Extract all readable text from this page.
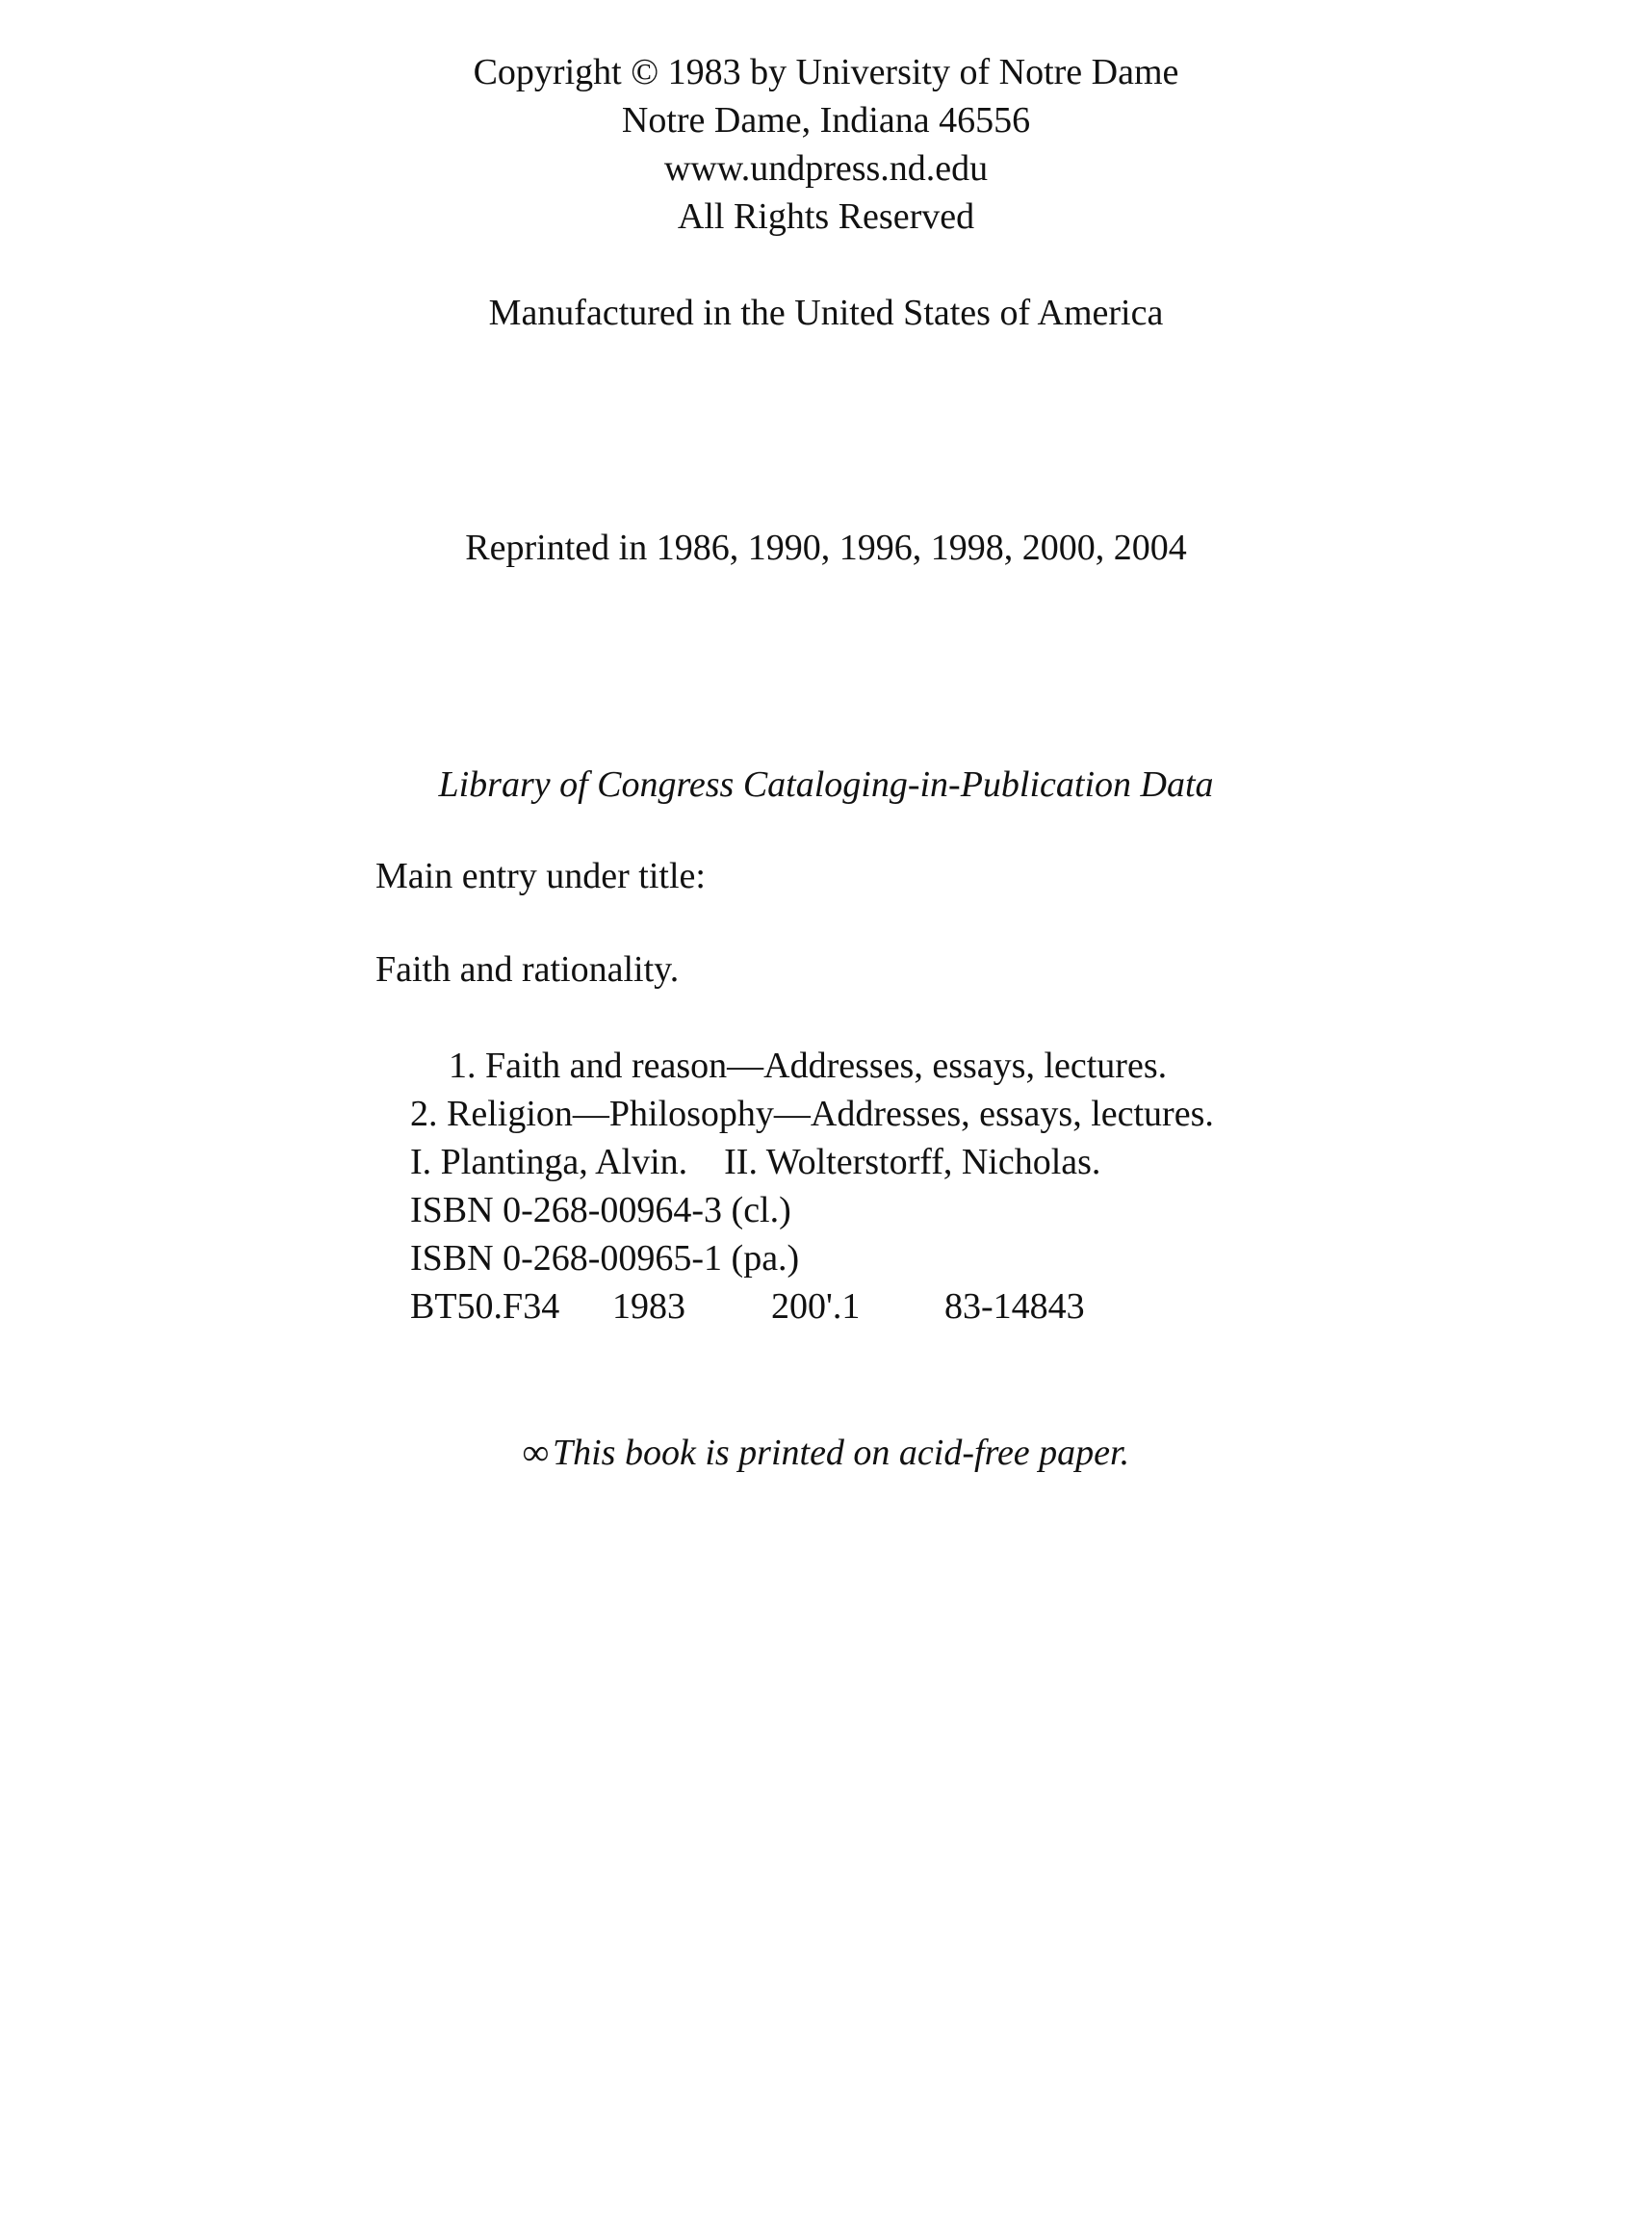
Copyright © 1983 by University of Notre Dame
Notre Dame, Indiana 46556
www.undpress.nd.edu
All Rights Reserved
Manufactured in the United States of America
Reprinted in 1986, 1990, 1996, 1998, 2000, 2004
Library of Congress Cataloging-in-Publication Data
Main entry under title:
Faith and rationality.
1. Faith and reason—Addresses, essays, lectures.
2. Religion—Philosophy—Addresses, essays, lectures.
I. Plantinga, Alvin.    II. Wolterstorff, Nicholas.
ISBN 0-268-00964-3 (cl.)
ISBN 0-268-00965-1 (pa.)
BT50.F34 1983 200'.1 83-14843
∞ This book is printed on acid-free paper.
